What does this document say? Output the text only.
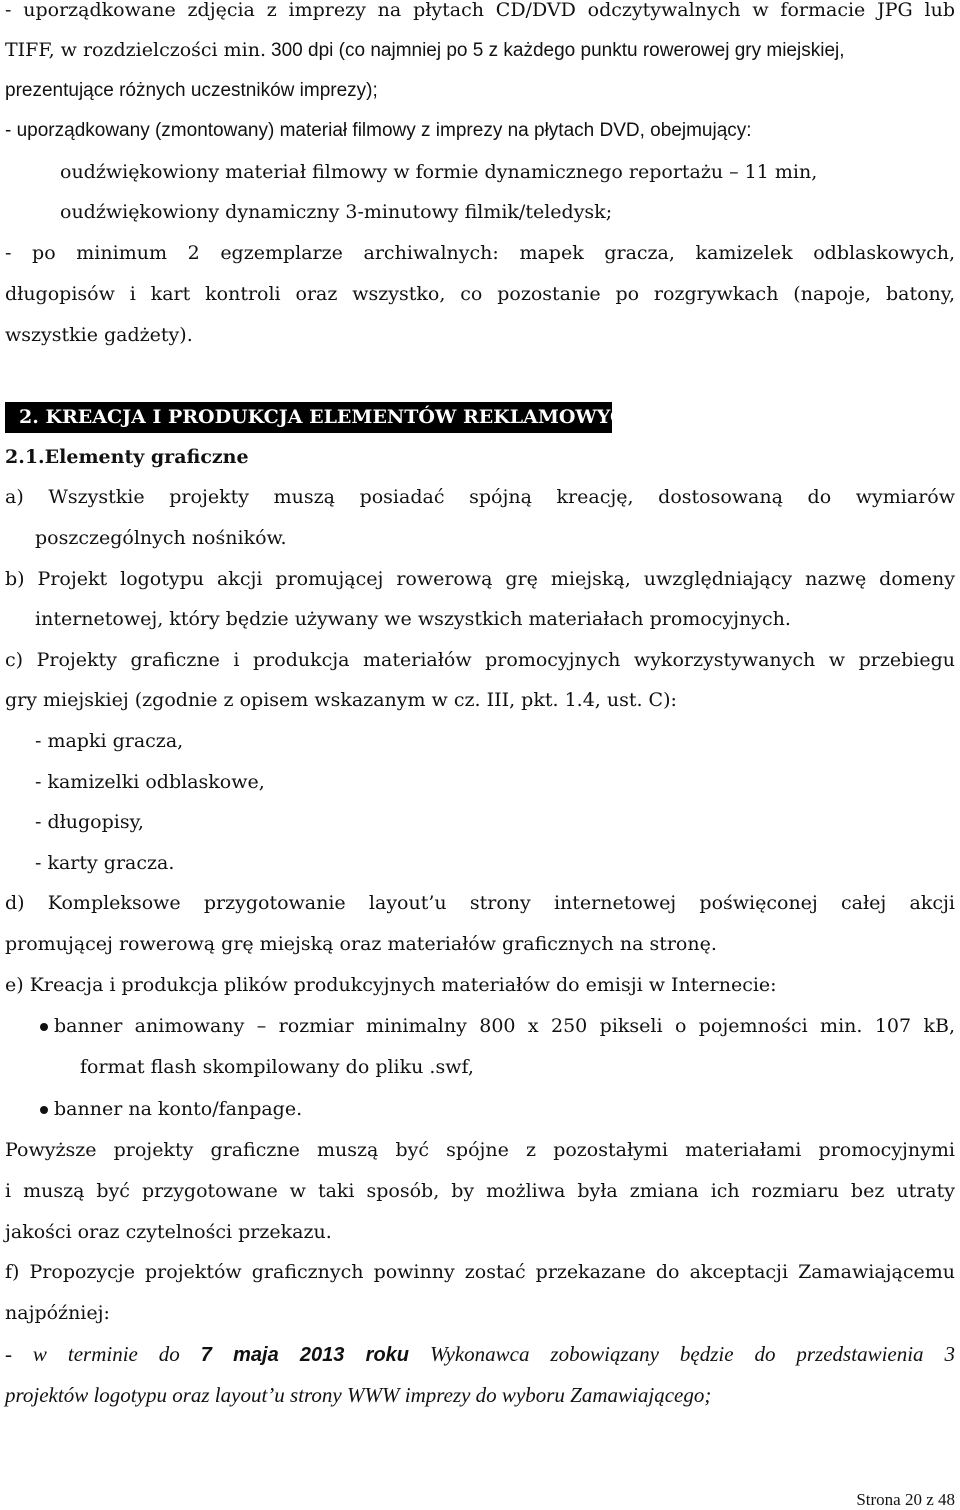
- uporządkowane zdjęcia z imprezy na płytach CD/DVD odczytywalnych w formacie JPG lub
TIFF, w rozdzielczości min. 300 dpi (co najmniej po 5 z każdego punktu rowerowej gry miejskiej,
prezentujące różnych uczestników imprezy);
- uporządkowany (zmontowany) materiał filmowy z imprezy na płytach DVD, obejmujący:
oudźwiękowiony materiał filmowy w formie dynamicznego reportażu – 11 min,
oudźwiękowiony dynamiczny 3-minutowy filmik/teledysk;
- po minimum 2 egzemplarze archiwalnych: mapek gracza, kamizelek odblaskowych,
długopisów i kart kontroli oraz wszystko, co pozostanie po rozgrywkach (napoje, batony,
wszystkie gadżety).
2. KREACJA I PRODUKCJA ELEMENTÓW REKLAMOWYCH
2.1.Elementy graficzne
a) Wszystkie projekty muszą posiadać spójną kreację, dostosowaną do wymiarów
poszczególnych nośników.
b) Projekt logotypu akcji promującej rowerową grę miejską, uwzględniający nazwę domeny
internetowej, który będzie używany we wszystkich materiałach promocyjnych.
c) Projekty graficzne i produkcja materiałów promocyjnych wykorzystywanych w przebiegu
gry miejskiej (zgodnie z opisem wskazanym w cz. III, pkt. 1.4, ust. C):
- mapki gracza,
- kamizelki odblaskowe,
- długopisy,
- karty gracza.
d) Kompleksowe przygotowanie layout’u strony internetowej poświęconej całej akcji
promującej rowerową grę miejską oraz materiałów graficznych na stronę.
e) Kreacja i produkcja plików produkcyjnych materiałów do emisji w Internecie:
banner animowany – rozmiar minimalny 800 x 250 pikseli o pojemności min. 107 kB,
format flash skompilowany do pliku .swf,
banner na konto/fanpage.
Powyższe projekty graficzne muszą być spójne z pozostałymi materiałami promocyjnymi
i muszą być przygotowane w taki sposób, by możliwa była zmiana ich rozmiaru bez utraty
jakości oraz czytelności przekazu.
f) Propozycje projektów graficznych powinny zostać przekazane do akceptacji Zamawiającemu
najpóźniej:
- w terminie do 7 maja 2013 roku Wykonawca zobowiązany będzie do przedstawienia 3
projektów logotypu oraz layout’u strony WWW imprezy do wyboru Zamawiającego;
Strona 20 z 48
